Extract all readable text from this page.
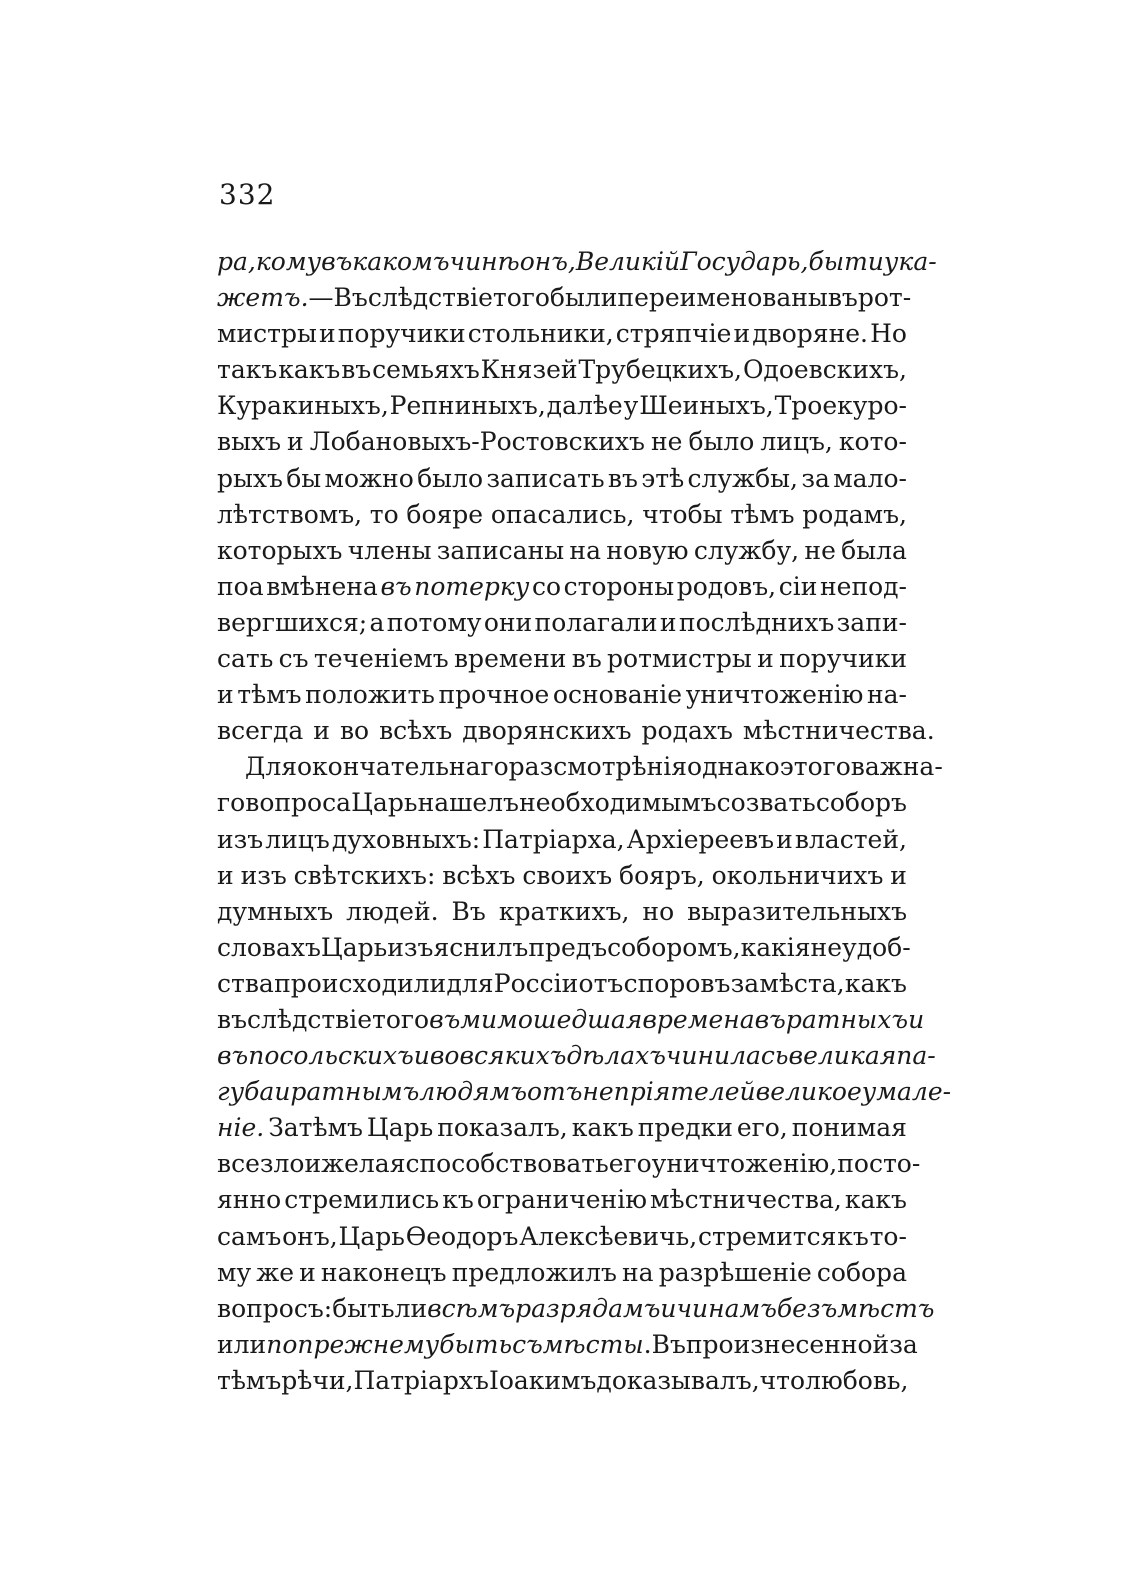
332
ра, кому въ какомъ чинѣ онъ, Великій Государь, быти ука-
жетъ. —Въ слѣдствіе того были переименованы въ рот-
мистры и поручики стольники, стряпчіе и дворяне. Но
такъ какъ въ семьяхъ Князей Трубецкихъ, Одоевскихъ,
Куракиныхъ, Репниныхъ, далѣе у Шеиныхъ, Троекуро-
выхъ и Лобановыхъ-Ростовскихъ не было лицъ, кото-
рыхъ бы можно было записать въ этѣ службы, за мало-
лѣтствомъ, то бояре опасались, чтобы тѣмъ родамъ,
которыхъ члены записаны на новую службу, не была
поа вмѣнена въ потерку со стороны родовъ, сіи непод-
вергшихся; а потому они полагали и послѣднихъ запи-
сать съ теченіемъ времени въ ротмистры и поручики
и тѣмъ положить прочное основаніе уничтоженію на-
всегда и во всѣхъ дворянскихъ родахъ мѣстничества.
Для окончательнаго разсмотрѣнія однако этого важна-
го вопроса Царь нашелъ необходимымъ созвать соборъ
изъ лицъ духовныхъ: Патріарха, Архіереевъ и властей,
и изъ свѣтскихъ: всѣхъ своихъ бояръ, окольничихъ и
думныхъ людей. Въ краткихъ, но выразительныхъ
словахъ Царь изъяснилъ предъ соборомъ, какія неудоб-
ства происходили для Россіи отъ споровъ за мѣста, какъ
въ слѣдствіе того въ мимошедшая времена въ ратныхъ и
въ посольскихъ и во всякихъ дѣлахъ чинилась великая па-
губа и ратнымъ людямъ отъ непріятелей великое умале-
ніе. Затѣмъ Царь показалъ, какъ предки его, понимая
все зло и желая способствовать его уничтоженію, посто-
янно стремились къ ограниченію мѣстничества, какъ
самъ онъ, Царь Ѳеодоръ Алексѣевичь, стремится къ то-
му же и наконецъ предложилъ на разрѣшеніе собора
вопросъ: быть ли всѣмъ разрядамъ и чинамъ безъ мѣстъ
или по прежнему быть съ мѣсты . Въ произнесенной за
тѣмъ рѣчи, Патріархъ Іоакимъ доказывалъ, что любовь,
